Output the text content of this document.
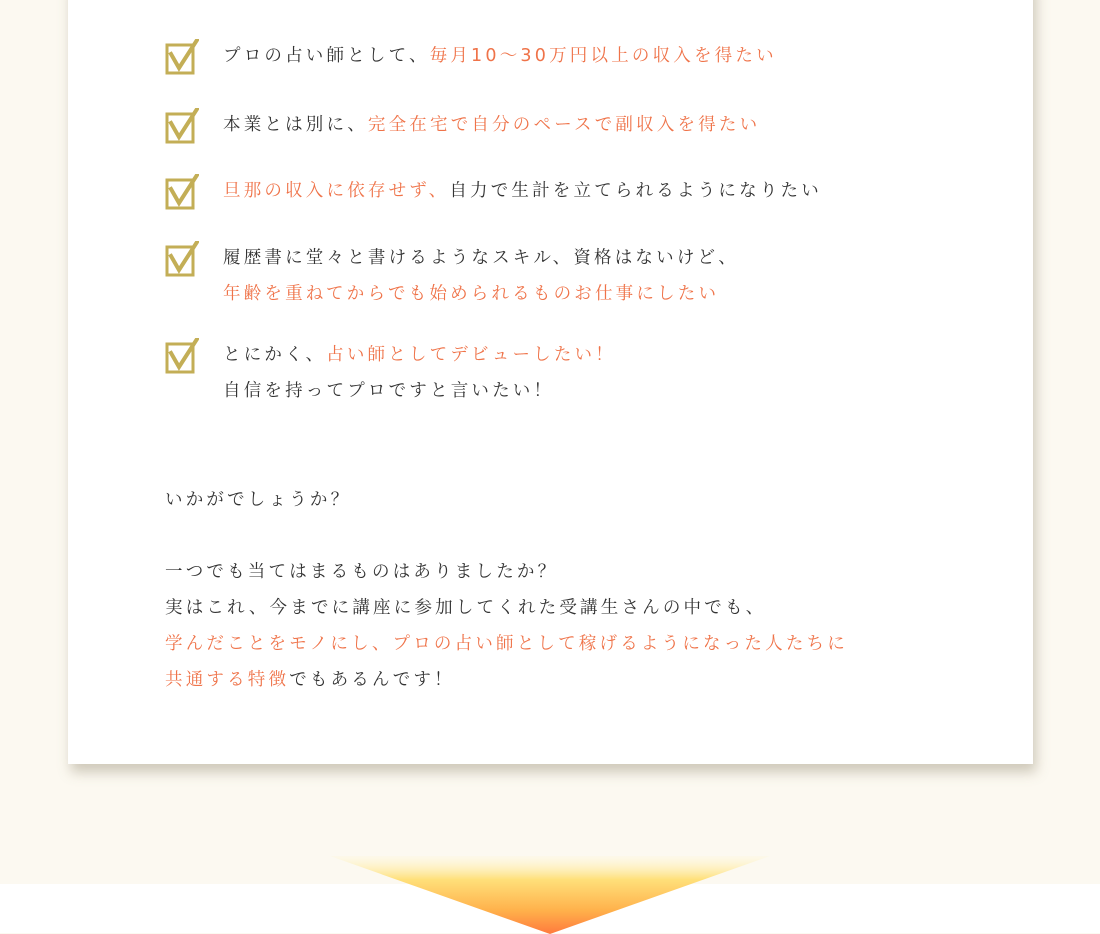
プロの占い師として、毎月10〜30万円以上の収入を得たい
本業とは別に、完全在宅で自分のペースで副収入を得たい
旦那の収入に依存せず、自力で生計を立てられるようになりたい
履歴書に堂々と書けるようなスキル、資格はないけど、
年齢を重ねてからでも始められるものお仕事にしたい
とにかく、占い師としてデビューしたい！
自信を持ってプロですと言いたい！
いかがでしょうか？
一つでも当てはまるものはありましたか？
実はこれ、今までに講座に参加してくれた受講生さんの中でも、
学んだことをモノにし、プロの占い師として稼げるようになった人たちに
共通する特徴でもあるんです！
